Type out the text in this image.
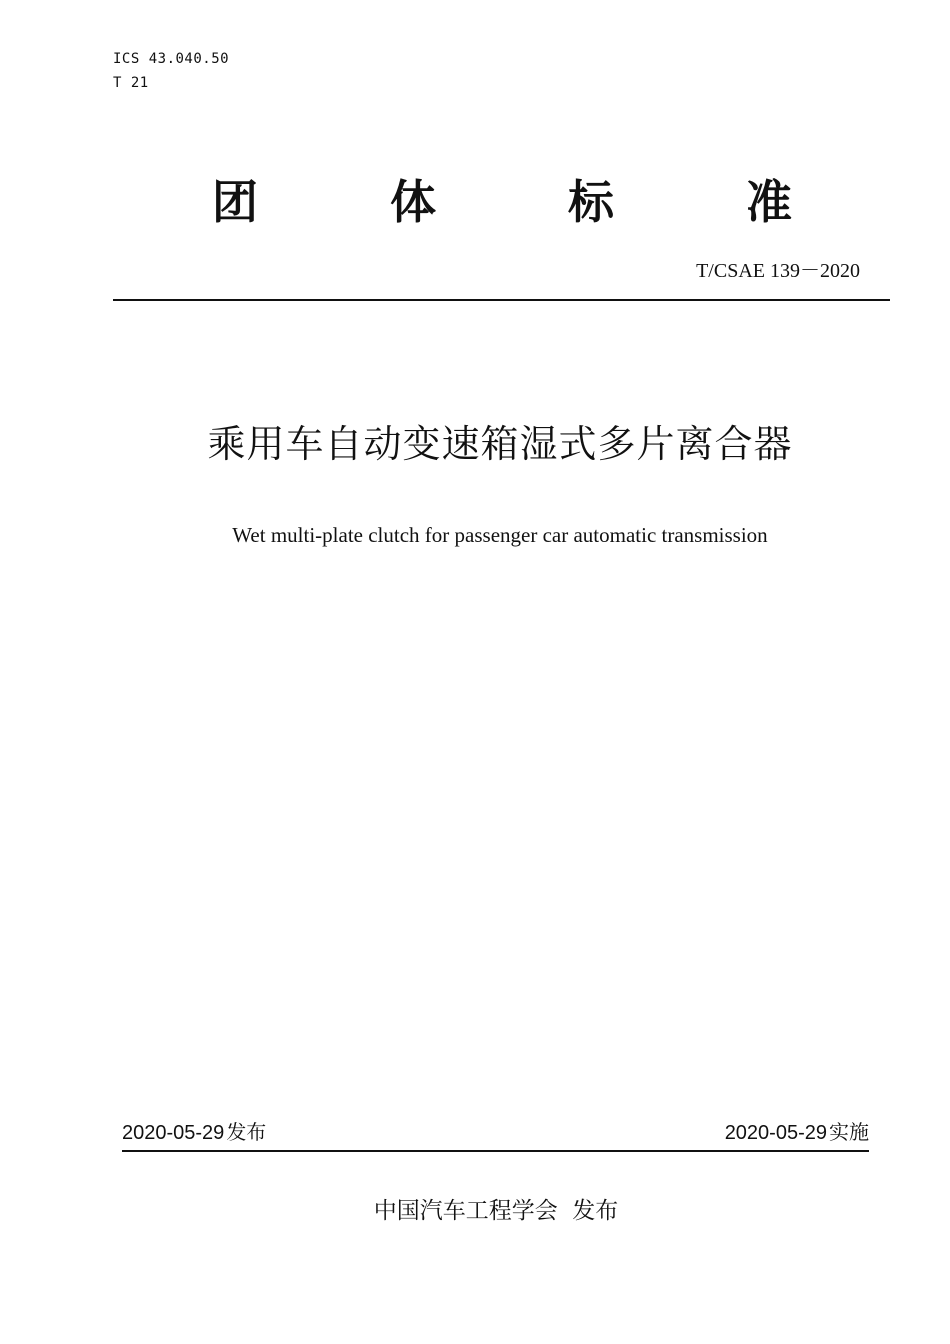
ICS 43.040.50
T 21
团	体	标	准
T/CSAE 139－2020
乘用车自动变速箱湿式多片离合器
Wet multi-plate clutch for passenger car automatic transmission
2020-05-29 发布	2020-05-29 实施
中国汽车工程学会  发布
